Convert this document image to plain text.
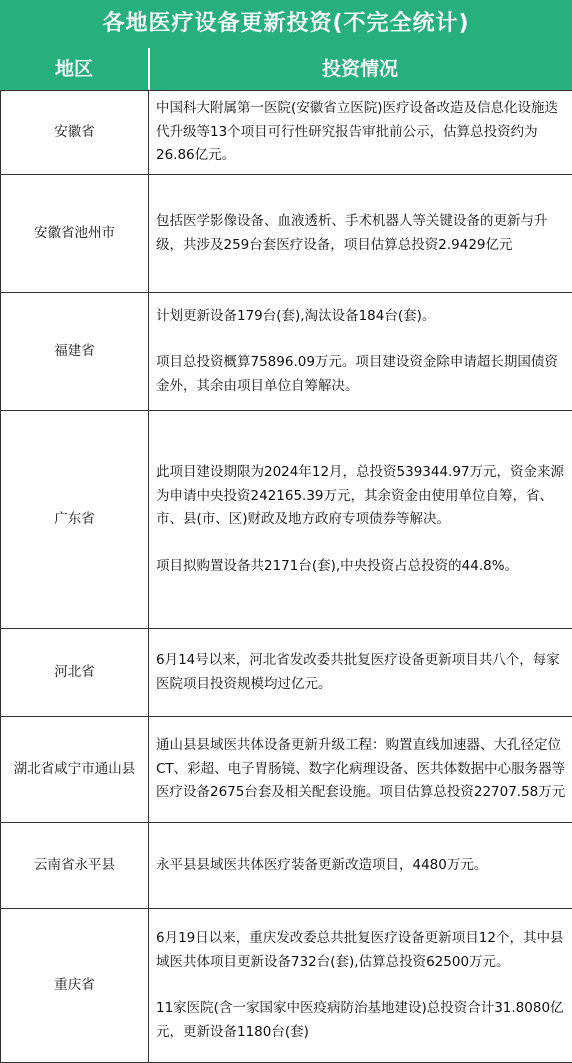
各地医疗设备更新投资(不完全统计)
地区	投资情况
安徽省	中国科大附属第一医院(安徽省立医院)医疗设备改造及信息化设施迭代升级等13个项目可行性研究报告审批前公示，估算总投资约为26.86亿元。

安徽省池州市	包括医学影像设备、血液透析、手术机器人等关键设备的更新与升级，共涉及259台套医疗设备，项目估算总投资2.9429亿元

福建省	计划更新设备179台(套),淘汰设备184台(套)。
项目总投资概算75896.09万元。项目建设资金除申请超长期国债资金外，其余由项目单位自筹解决。

广东省	此项目建设期限为2024年12月，总投资539344.97万元，资金来源为申请中央投资242165.39万元，其余资金由使用单位自筹，省、市、县(市、区)财政及地方政府专项债券等解决。
项目拟购置设备共2171台(套),中央投资占总投资的44.8%。

河北省	6月14号以来，河北省发改委共批复医疗设备更新项目共八个，每家医院项目投资规模均过亿元。

湖北省咸宁市通山县	通山县县域医共体设备更新升级工程：购置直线加速器、大孔径定位CT、彩超、电子胃肠镜、数字化病理设备、医共体数据中心服务器等医疗设备2675台套及相关配套设施。项目估算总投资22707.58万元

云南省永平县	永平县县域医共体医疗装备更新改造项目，4480万元。

重庆省	6月19日以来，重庆发改委总共批复医疗设备更新项目12个，其中县域医共体项目更新设备732台(套),估算总投资62500万元。
11家医院(含一家国家中医疫病防治基地建设)总投资合计31.8080亿元，更新设备1180台(套)
